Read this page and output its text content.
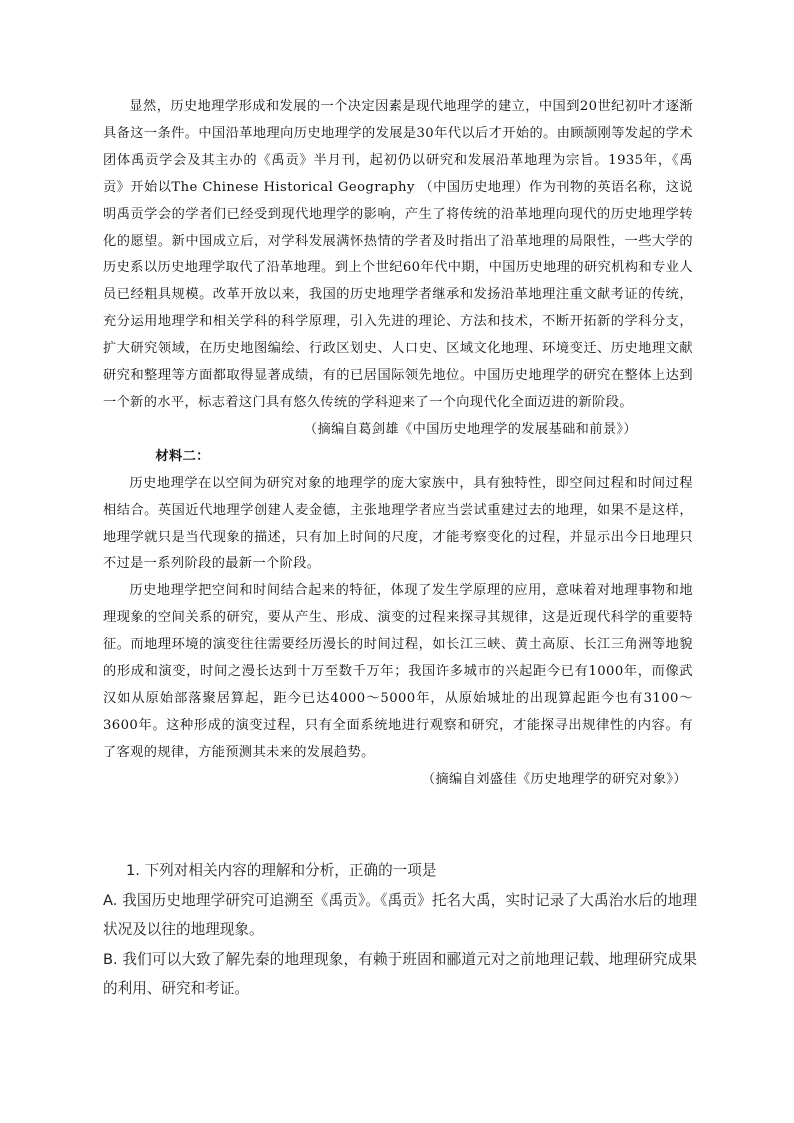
显然，历史地理学形成和发展的一个决定因素是现代地理学的建立，中国到20世纪初叶才逐渐具备这一条件。中国沿革地理向历史地理学的发展是30年代以后才开始的。由顾颉刚等发起的学术团体禹贡学会及其主办的《禹贡》半月刊，起初仍以研究和发展沿革地理为宗旨。1935年，《禹贡》开始以The Chinese Historical Geography （中国历史地理）作为刊物的英语名称，这说明禹贡学会的学者们已经受到现代地理学的影响，产生了将传统的沿革地理向现代的历史地理学转化的愿望。新中国成立后，对学科发展满怀热情的学者及时指出了沿革地理的局限性，一些大学的历史系以历史地理学取代了沿革地理。到上个世纪60年代中期，中国历史地理的研究机构和专业人员已经粗具规模。改革开放以来，我国的历史地理学者继承和发扬沿革地理注重文献考证的传统，充分运用地理学和相关学科的科学原理，引入先进的理论、方法和技术，不断开拓新的学科分支，扩大研究领域，在历史地图编绘、行政区划史、人口史、区域文化地理、环境变迁、历史地理文献研究和整理等方面都取得显著成绩，有的已居国际领先地位。中国历史地理学的研究在整体上达到一个新的水平，标志着这门具有悠久传统的学科迎来了一个向现代化全面迈进的新阶段。

（摘编自葛剑雄《中国历史地理学的发展基础和前景》）

材料二：

历史地理学在以空间为研究对象的地理学的庞大家族中，具有独特性，即空间过程和时间过程相结合。英国近代地理学创建人麦金德，主张地理学者应当尝试重建过去的地理，如果不是这样，地理学就只是当代现象的描述，只有加上时间的尺度，才能考察变化的过程，并显示出今日地理只不过是一系列阶段的最新一个阶段。

历史地理学把空间和时间结合起来的特征，体现了发生学原理的应用，意味着对地理事物和地理现象的空间关系的研究，要从产生、形成、演变的过程来探寻其规律，这是近现代科学的重要特征。而地理环境的演变往往需要经历漫长的时间过程，如长江三峡、黄土高原、长江三角洲等地貌的形成和演变，时间之漫长达到十万至数千万年；我国许多城市的兴起距今已有1000年，而像武汉如从原始部落聚居算起，距今已达4000～5000年，从原始城址的出现算起距今也有3100～3600年。这种形成的演变过程，只有全面系统地进行观察和研究，才能探寻出规律性的内容。有了客观的规律，方能预测其未来的发展趋势。

（摘编自刘盛佳《历史地理学的研究对象》）

1. 下列对相关内容的理解和分析，正确的一项是

A. 我国历史地理学研究可追溯至《禹贡》。《禹贡》托名大禹，实时记录了大禹治水后的地理状况及以往的地理现象。

B. 我们可以大致了解先秦的地理现象，有赖于班固和郦道元对之前地理记载、地理研究成果的利用、研究和考证。
